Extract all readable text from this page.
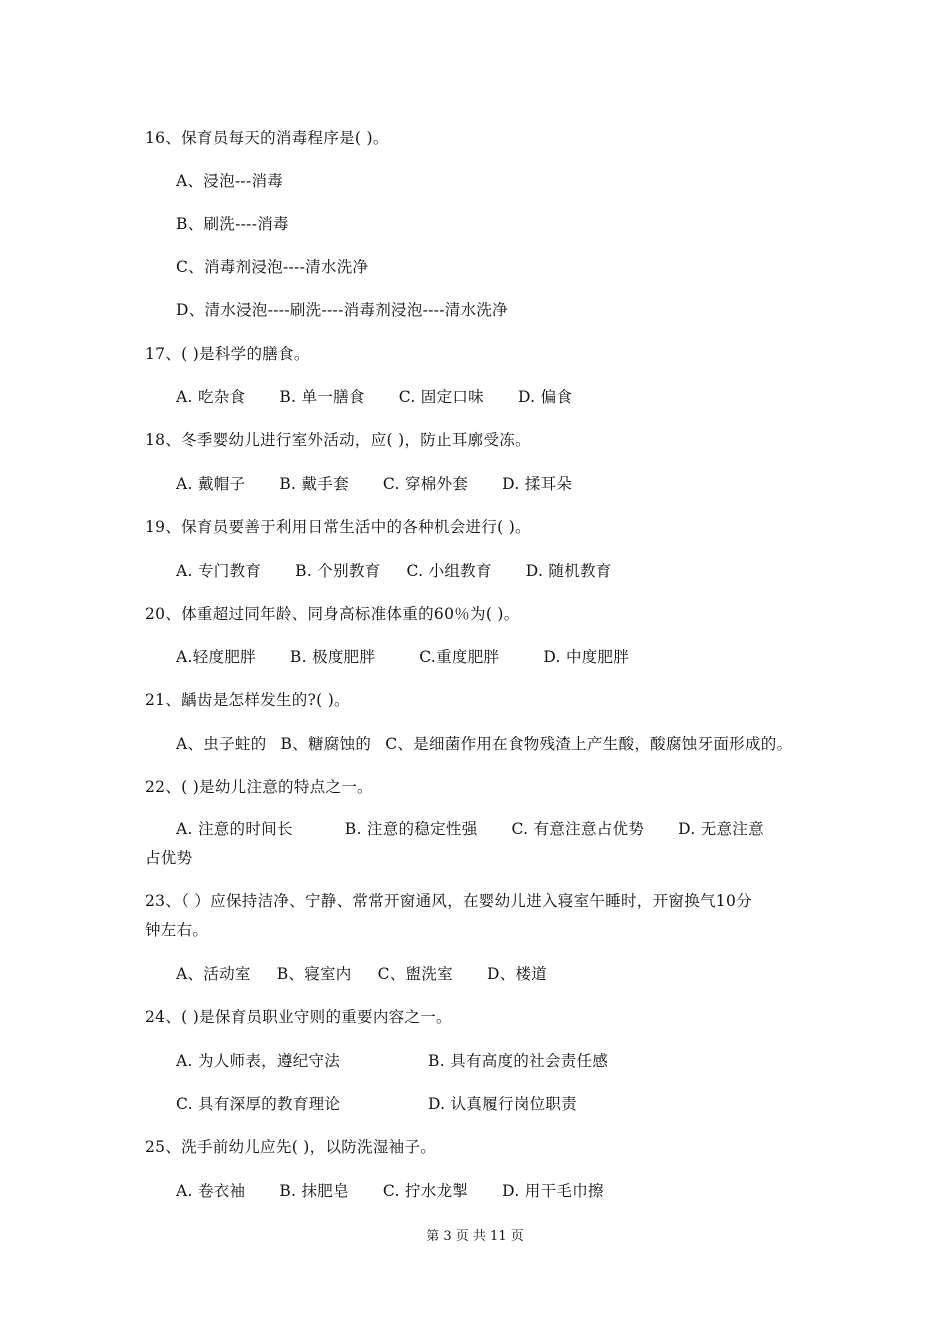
16、保育员每天的消毒程序是( )。
A、浸泡---消毒
B、刷洗----消毒
C、消毒剂浸泡----清水洗净
D、清水浸泡----刷洗----消毒剂浸泡----清水洗净
17、( )是科学的膳食。
A. 吃杂食 B. 单一膳食 C. 固定口味 D. 偏食
18、冬季婴幼儿进行室外活动，应( )，防止耳廓受冻。
A. 戴帽子 B. 戴手套 C. 穿棉外套 D. 揉耳朵
19、保育员要善于利用日常生活中的各种机会进行( )。
A. 专门教育 B. 个别教育 C. 小组教育 D. 随机教育
20、体重超过同年龄、同身高标准体重的60％为( )。
A.轻度肥胖 B. 极度肥胖	C.重度肥胖	D. 中度肥胖
21、龋齿是怎样发生的?( )。
A、虫子蛀的 B、糖腐蚀的 C、是细菌作用在食物残渣上产生酸，酸腐蚀牙面形成的。
22、( )是幼儿注意的特点之一。
A. 注意的时间长	B. 注意的稳定性强 C. 有意注意占优势 D. 无意注意
占优势
23、（ ）应保持洁净、宁静、常常开窗通风，在婴幼儿进入寝室午睡时，开窗换气10分
钟左右。
A、活动室 B、寝室内 C、盥洗室 D、楼道
24、( )是保育员职业守则的重要内容之一。
A. 为人师表，遵纪守法	B. 具有高度的社会责任感
C. 具有深厚的教育理论	D. 认真履行岗位职责
25、洗手前幼儿应先( )，以防洗湿袖子。
A. 卷衣袖 B. 抹肥皂 C. 拧水龙掣 D. 用干毛巾擦
第 3 页 共 11 页
